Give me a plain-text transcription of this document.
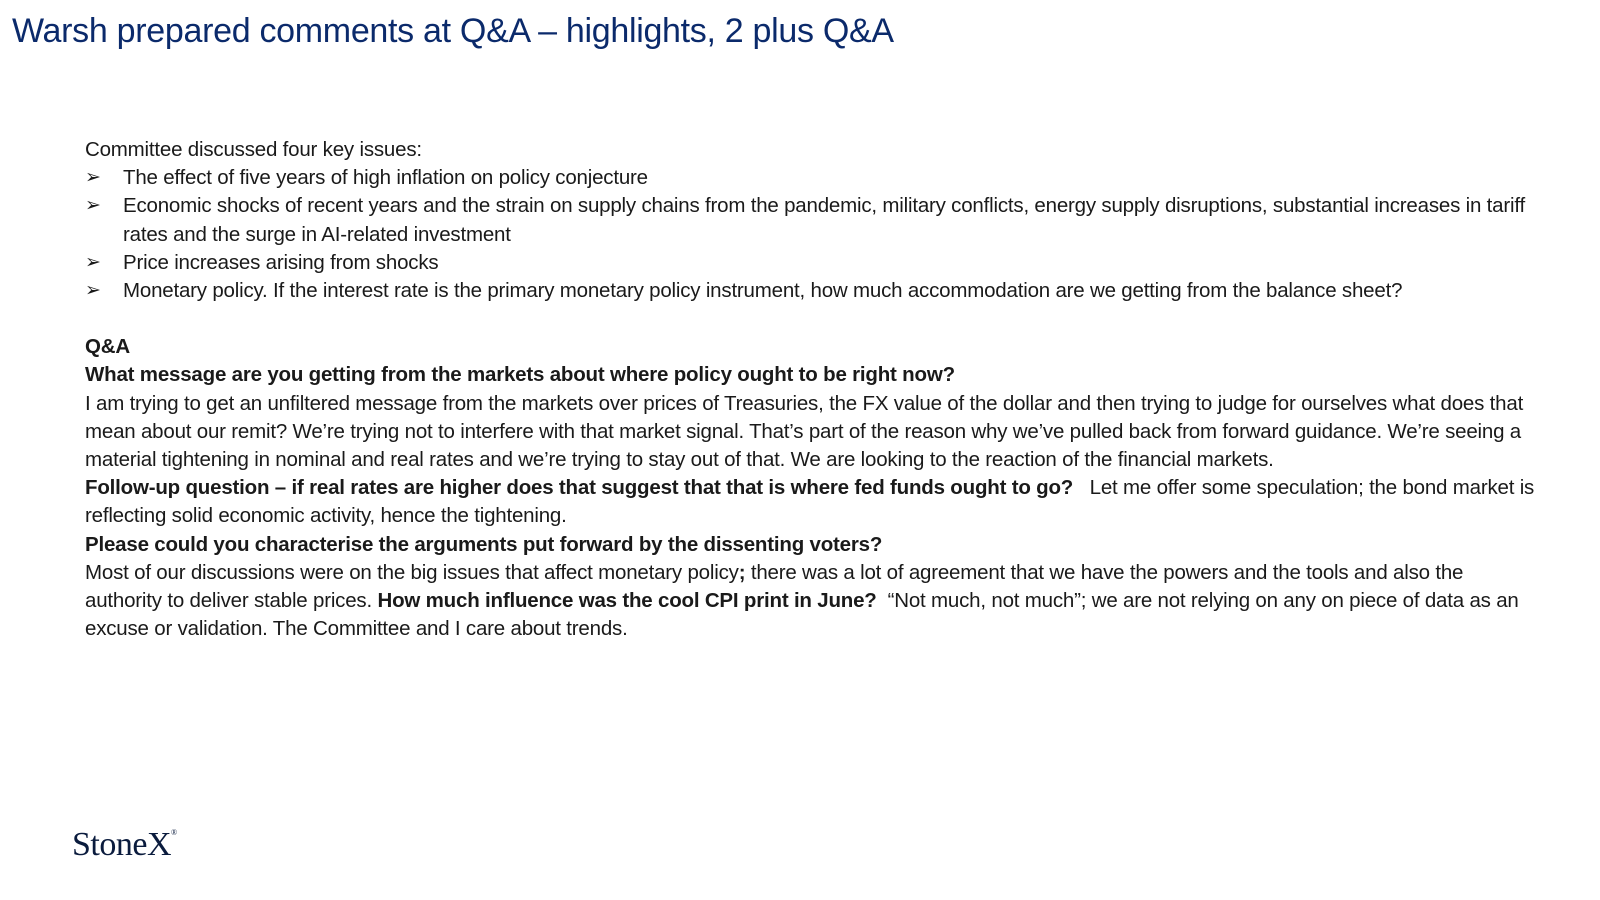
Warsh prepared comments at Q&A – highlights, 2 plus Q&A

Committee discussed four key issues:

➢ The effect of five years of high inflation on policy conjecture
➢ Economic shocks of recent years and the strain on supply chains from the pandemic, military conflicts, energy supply disruptions, substantial increases in tariff rates and the surge in AI-related investment
➢ Price increases arising from shocks
➢ Monetary policy. If the interest rate is the primary monetary policy instrument, how much accommodation are we getting from the balance sheet?

Q&A

What message are you getting from the markets about where policy ought to be right now?

I am trying to get an unfiltered message from the markets over prices of Treasuries, the FX value of the dollar and then trying to judge for ourselves what does that mean about our remit? We’re trying not to interfere with that market signal. That’s part of the reason why we’ve pulled back from forward guidance. We’re seeing a material tightening in nominal and real rates and we’re trying to stay out of that. We are looking to the reaction of the financial markets.

Follow-up question – if real rates are higher does that suggest that that is where fed funds ought to go? Let me offer some speculation; the bond market is reflecting solid economic activity, hence the tightening.

Please could you characterise the arguments put forward by the dissenting voters?

Most of our discussions were on the big issues that affect monetary policy; there was a lot of agreement that we have the powers and the tools and also the authority to deliver stable prices. How much influence was the cool CPI print in June? “Not much, not much”; we are not relying on any on piece of data as an excuse or validation. The Committee and I care about trends.

StoneX®
